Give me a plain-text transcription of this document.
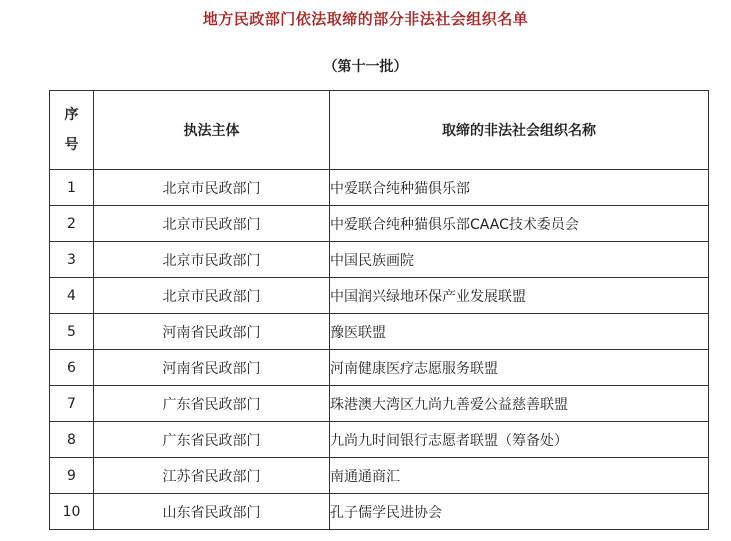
地方民政部门依法取缔的部分非法社会组织名单
（第十一批）
序
号	执法主体	取缔的非法社会组织名称
1	北京市民政部门	中爱联合纯种猫俱乐部
2	北京市民政部门	中爱联合纯种猫俱乐部CAAC技术委员会
3	北京市民政部门	中国民族画院
4	北京市民政部门	中国润兴绿地环保产业发展联盟
5	河南省民政部门	豫医联盟
6	河南省民政部门	河南健康医疗志愿服务联盟
7	广东省民政部门	珠港澳大湾区九尚九善爱公益慈善联盟
8	广东省民政部门	九尚九时间银行志愿者联盟（筹备处）
9	江苏省民政部门	南通通商汇
10	山东省民政部门	孔子儒学民进协会
